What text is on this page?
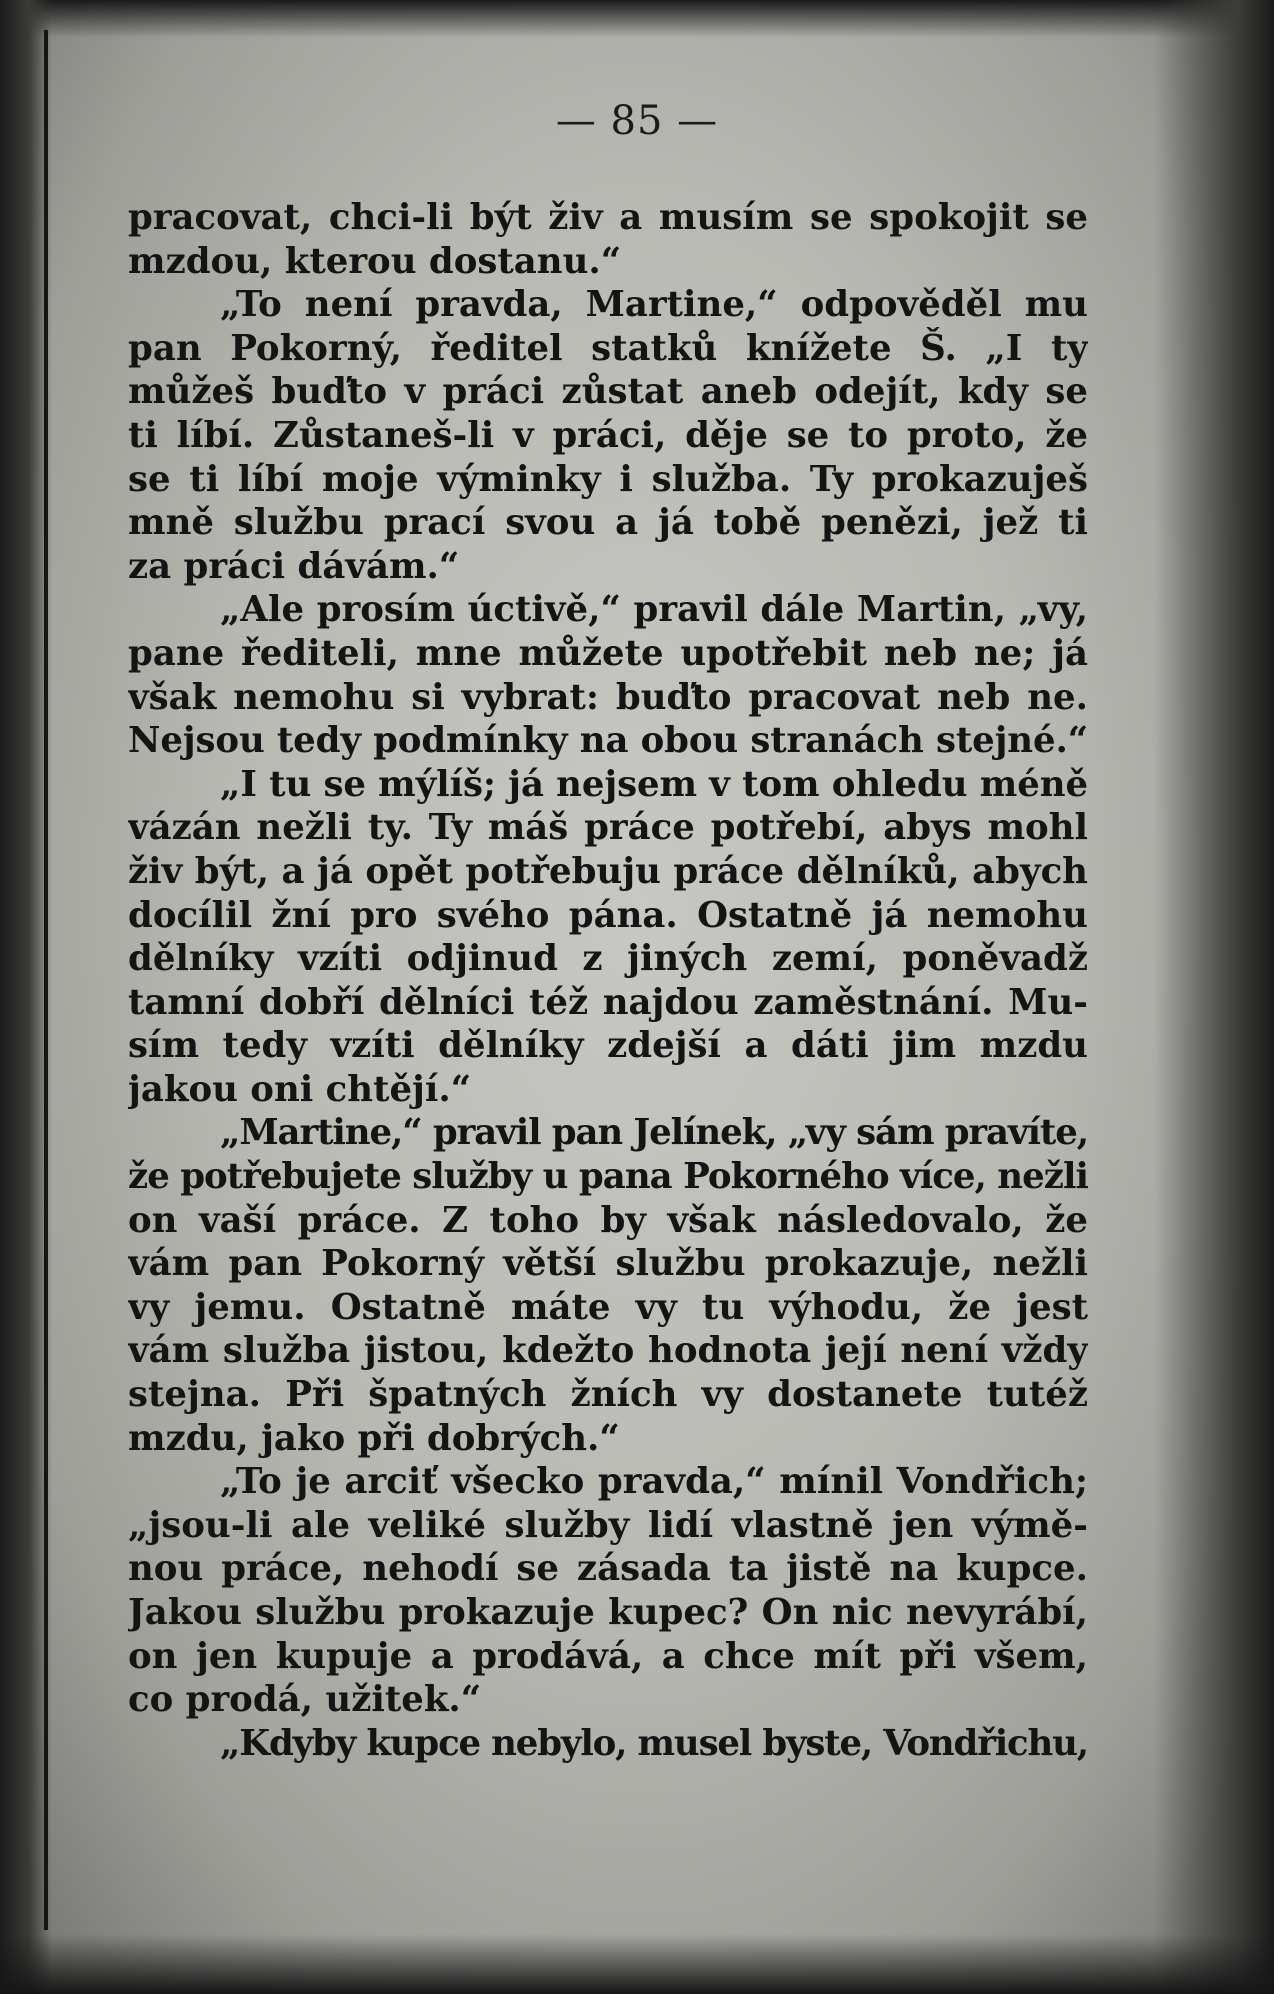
— 85 —
pracovat, chci-li být živ a musím se spokojit se
mzdou, kterou dostanu.“
„To není pravda, Martine,“ odpověděl mu
pan Pokorný, ředitel statků knížete Š. „I ty
můžeš buďto v práci zůstat aneb odejít, kdy se
ti líbí. Zůstaneš-li v práci, děje se to proto, že
se ti líbí moje výminky i služba. Ty prokazuješ
mně službu prací svou a já tobě penězi, jež ti
za práci dávám.“
„Ale prosím úctivě,“ pravil dále Martin, „vy,
pane řediteli, mne můžete upotřebit neb ne; já
však nemohu si vybrat: buďto pracovat neb ne.
Nejsou tedy podmínky na obou stranách stejné.“
„I tu se mýlíš; já nejsem v tom ohledu méně
vázán nežli ty. Ty máš práce potřebí, abys mohl
živ být, a já opět potřebuju práce dělníků, abych
docílil žní pro svého pána. Ostatně já nemohu
dělníky vzíti odjinud z jiných zemí, poněvadž
tamní dobří dělníci též najdou zaměstnání. Mu-
sím tedy vzíti dělníky zdejší a dáti jim mzdu
jakou oni chtějí.“
„Martine,“ pravil pan Jelínek, „vy sám pravíte,
že potřebujete služby u pana Pokorného více, nežli
on vaší práce. Z toho by však následovalo, že
vám pan Pokorný větší službu prokazuje, nežli
vy jemu. Ostatně máte vy tu výhodu, že jest
vám služba jistou, kdežto hodnota její není vždy
stejna. Při špatných žních vy dostanete tutéž
mzdu, jako při dobrých.“
„To je arciť všecko pravda,“ mínil Vondřich;
„jsou-li ale veliké služby lidí vlastně jen výmě-
nou práce, nehodí se zásada ta jistě na kupce.
Jakou službu prokazuje kupec? On nic nevyrábí,
on jen kupuje a prodává, a chce mít při všem,
co prodá, užitek.“
„Kdyby kupce nebylo, musel byste, Vondřichu,
